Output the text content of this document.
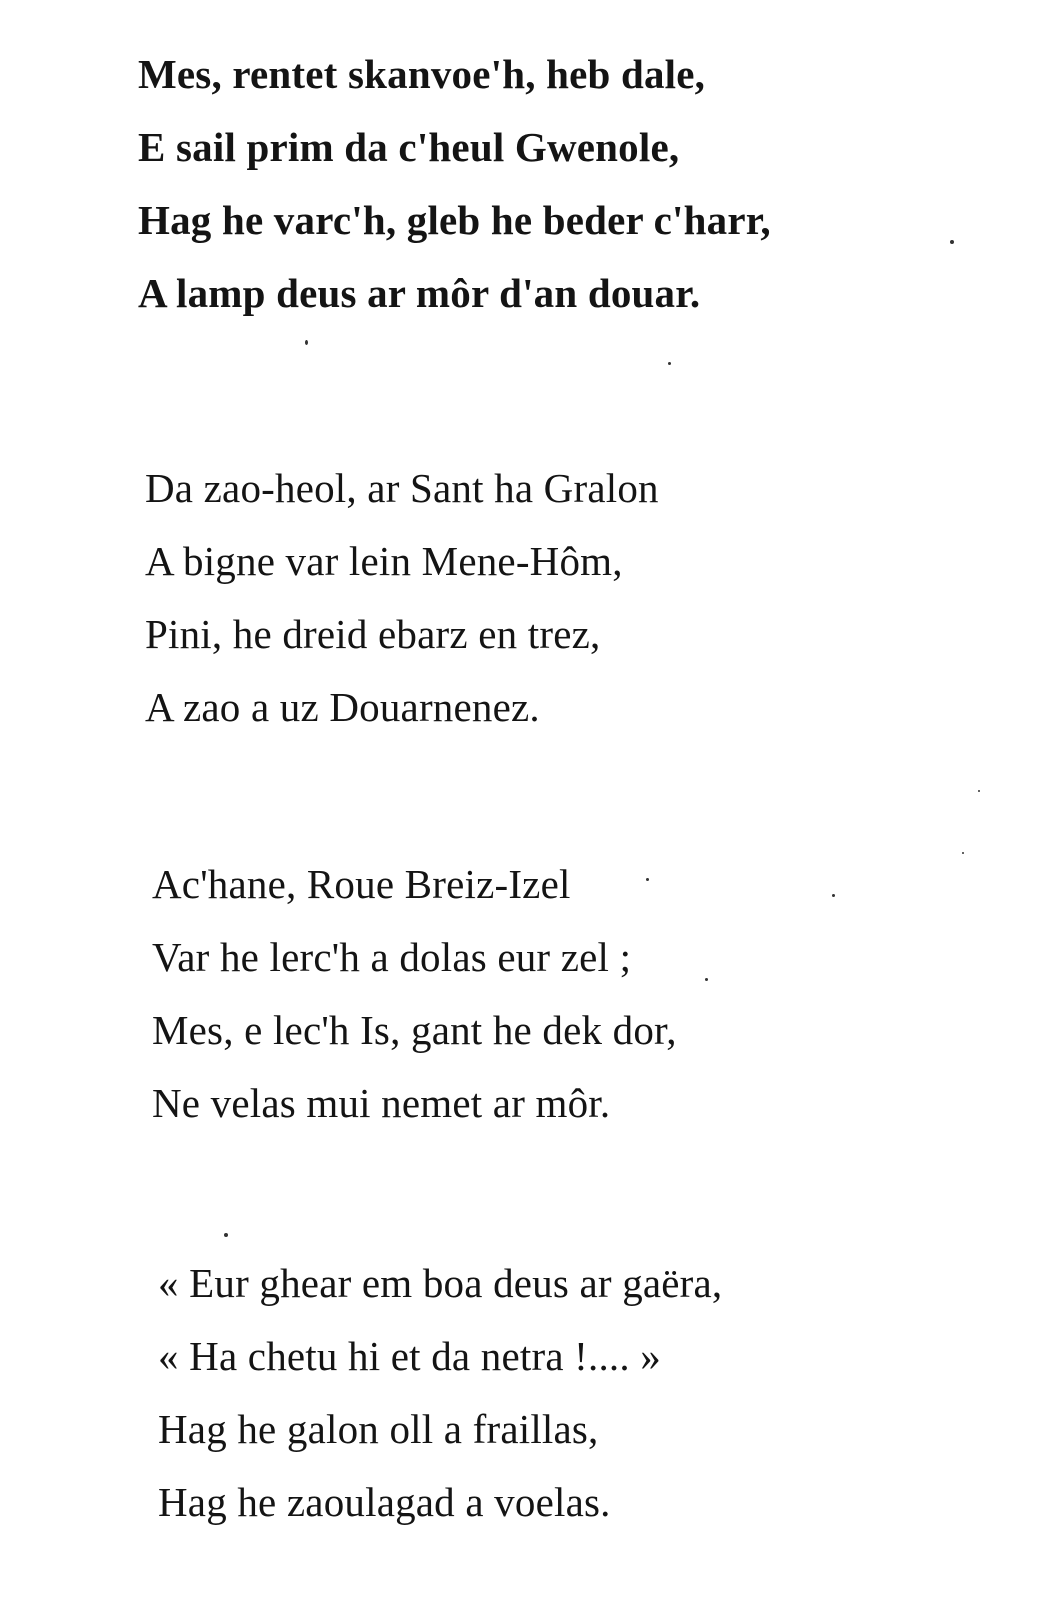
Mes, rentet skanvoe'h, heb dale,
E sail prim da c'heul Gwenole,
Hag he varc'h, gleb he beder c'harr,
A lamp deus ar môr d'an douar.
Da zao-heol, ar Sant ha Gralon
A bigne var lein Mene-Hôm,
Pini, he dreid ebarz en trez,
A zao a uz Douarnenez.
Ac'hane, Roue Breiz-Izel
Var he lerc'h a dolas eur zel ;
Mes, e lec'h Is, gant he dek dor,
Ne velas mui nemet ar môr.
« Eur ghear em boa deus ar gaëra,
« Ha chetu hi et da netra !.... »
Hag he galon oll a fraillas,
Hag he zaoulagad a voelas.
